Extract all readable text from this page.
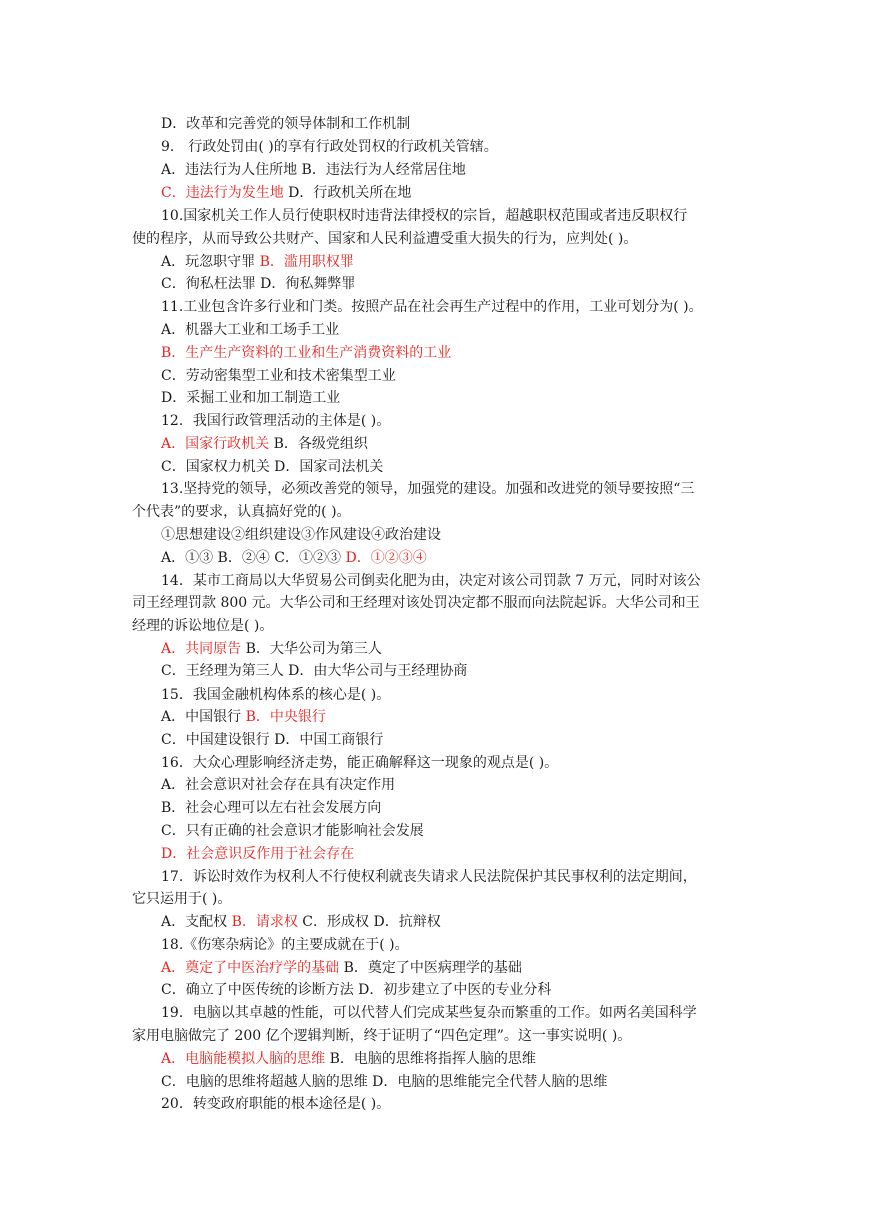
D．改革和完善党的领导体制和工作机制
9． 行政处罚由( )的享有行政处罚权的行政机关管辖。
A．违法行为人住所地 B．违法行为人经常居住地
C．违法行为发生地 D．行政机关所在地
10.国家机关工作人员行使职权时违背法律授权的宗旨，超越职权范围或者违反职权行
使的程序，从而导致公共财产、国家和人民利益遭受重大损失的行为，应判处( )。
A．玩忽职守罪 B．滥用职权罪
C．徇私枉法罪 D．徇私舞弊罪
11.工业包含许多行业和门类。按照产品在社会再生产过程中的作用，工业可划分为( )。
A．机器大工业和工场手工业
B．生产生产资料的工业和生产消费资料的工业
C．劳动密集型工业和技术密集型工业
D．采掘工业和加工制造工业
12．我国行政管理活动的主体是( )。
A．国家行政机关 B．各级党组织
C．国家权力机关 D．国家司法机关
13.坚持党的领导，必须改善党的领导，加强党的建设。加强和改进党的领导要按照“三
个代表”的要求，认真搞好党的( )。
①思想建设②组织建设③作风建设④政治建设
A．①③ B．②④ C．①②③ D．①②③④
14．某市工商局以大华贸易公司倒卖化肥为由，决定对该公司罚款 7 万元，同时对该公
司王经理罚款 800 元。大华公司和王经理对该处罚决定都不服而向法院起诉。大华公司和王
经理的诉讼地位是( )。
A．共同原告 B．大华公司为第三人
C．王经理为第三人 D．由大华公司与王经理协商
15．我国金融机构体系的核心是( )。
A．中国银行 B．中央银行
C．中国建设银行 D．中国工商银行
16．大众心理影响经济走势，能正确解释这一现象的观点是( )。
A．社会意识对社会存在具有决定作用
B．社会心理可以左右社会发展方向
C．只有正确的社会意识才能影响社会发展
D．社会意识反作用于社会存在
17．诉讼时效作为权利人不行使权利就丧失请求人民法院保护其民事权利的法定期间，
它只运用于( )。
A．支配权 B．请求权 C．形成权 D．抗辩权
18.《伤寒杂病论》的主要成就在于( )。
A．奠定了中医治疗学的基础 B．奠定了中医病理学的基础
C．确立了中医传统的诊断方法 D．初步建立了中医的专业分科
19．电脑以其卓越的性能，可以代替人们完成某些复杂而繁重的工作。如两名美国科学
家用电脑做完了 200 亿个逻辑判断，终于证明了“四色定理”。这一事实说明( )。
A．电脑能模拟人脑的思维 B．电脑的思维将指挥人脑的思维
C．电脑的思维将超越人脑的思维 D．电脑的思维能完全代替人脑的思维
20．转变政府职能的根本途径是( )。
